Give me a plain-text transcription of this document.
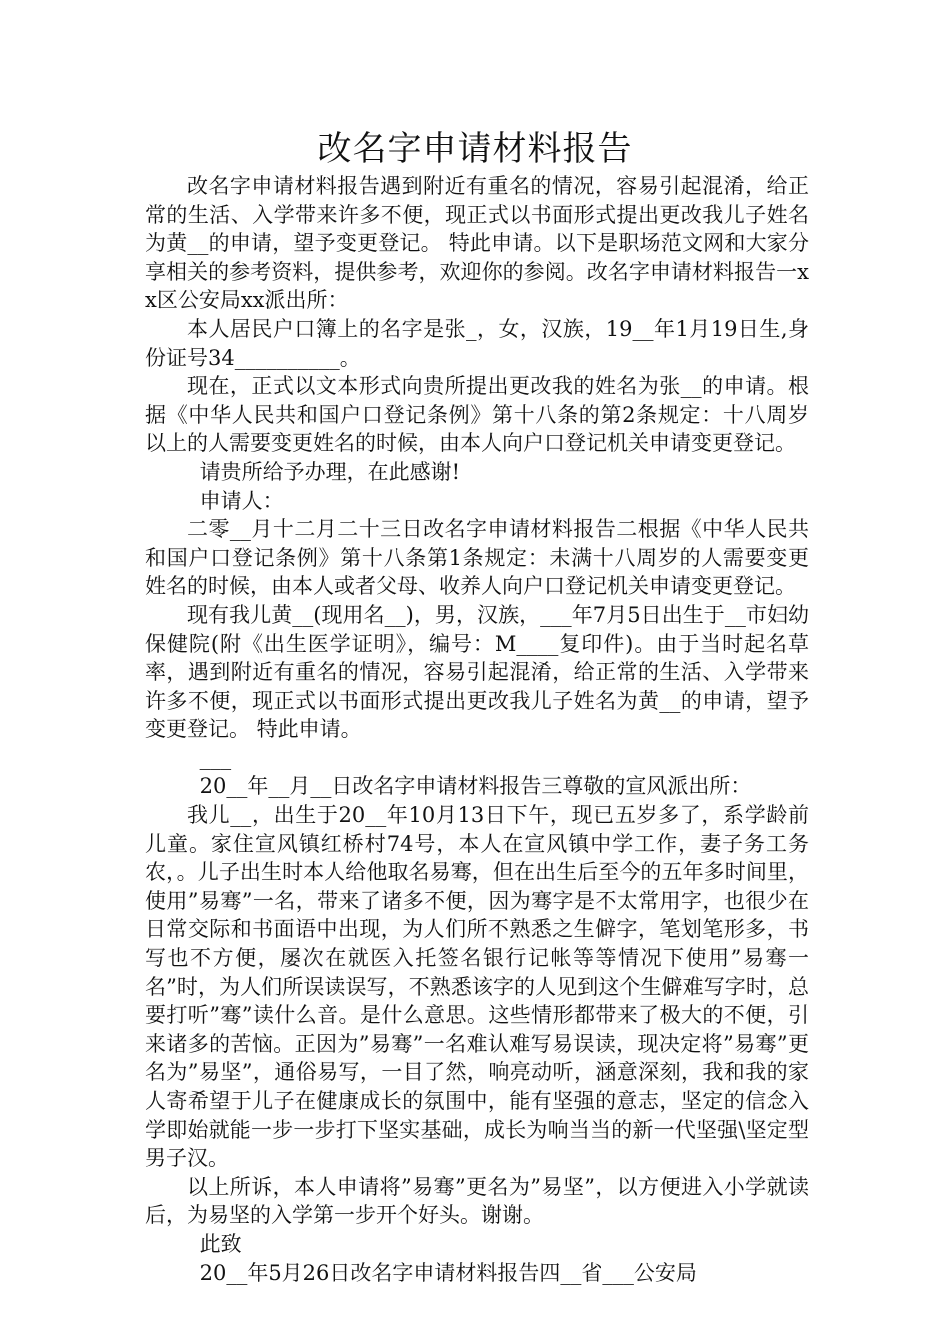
改名字申请材料报告

改名字申请材料报告遇到附近有重名的情况，容易引起混淆，给正常的生活、入学带来许多不便，现正式以书面形式提出更改我儿子姓名为黄__的申请，望予变更登记。 特此申请。以下是职场范文网和大家分享相关的参考资料，提供参考，欢迎你的参阅。改名字申请材料报告一xx区公安局xx派出所：

本人居民户口簿上的名字是张_，女，汉族，19__年1月19日生,身份证号34__________。

现在，正式以文本形式向贵所提出更改我的姓名为张__的申请。根据《中华人民共和国户口登记条例》第十八条的第2条规定：十八周岁以上的人需要变更姓名的时候，由本人向户口登记机关申请变更登记。

请贵所给予办理，在此感谢!

申请人：

二零__月十二月二十三日改名字申请材料报告二根据《中华人民共和国户口登记条例》第十八条第1条规定：未满十八周岁的人需要变更姓名的时候，由本人或者父母、收养人向户口登记机关申请变更登记。

现有我儿黄__(现用名__)，男，汉族，___年7月5日出生于__市妇幼保健院(附《出生医学证明》，编号：M____复印件)。由于当时起名草率，遇到附近有重名的情况，容易引起混淆，给正常的生活、入学带来许多不便，现正式以书面形式提出更改我儿子姓名为黄__的申请，望予变更登记。 特此申请。

___

20__年__月__日改名字申请材料报告三尊敬的宣风派出所：

我儿__，出生于20__年10月13日下午，现已五岁多了，系学龄前儿童。家住宣风镇红桥村74号，本人在宣风镇中学工作，妻子务工务农，。儿子出生时本人给他取名易骞，但在出生后至今的五年多时间里，使用”易骞”一名，带来了诸多不便，因为骞字是不太常用字，也很少在日常交际和书面语中出现，为人们所不熟悉之生僻字，笔划笔形多，书写也不方便，屡次在就医入托签名银行记帐等等情况下使用”易骞一名”时，为人们所误读误写，不熟悉该字的人见到这个生僻难写字时，总要打听”骞”读什么音。是什么意思。这些情形都带来了极大的不便，引来诸多的苦恼。正因为”易骞”一名难认难写易误读，现决定将”易骞”更名为”易坚”，通俗易写，一目了然，响亮动听，涵意深刻，我和我的家人寄希望于儿子在健康成长的氛围中，能有坚强的意志，坚定的信念入学即始就能一步一步打下坚实基础，成长为响当当的新一代坚强\坚定型男子汉。

以上所诉，本人申请将”易骞”更名为”易坚”，以方便进入小学就读后，为易坚的入学第一步开个好头。谢谢。

此致

20__年5月26日改名字申请材料报告四__省___公安局
